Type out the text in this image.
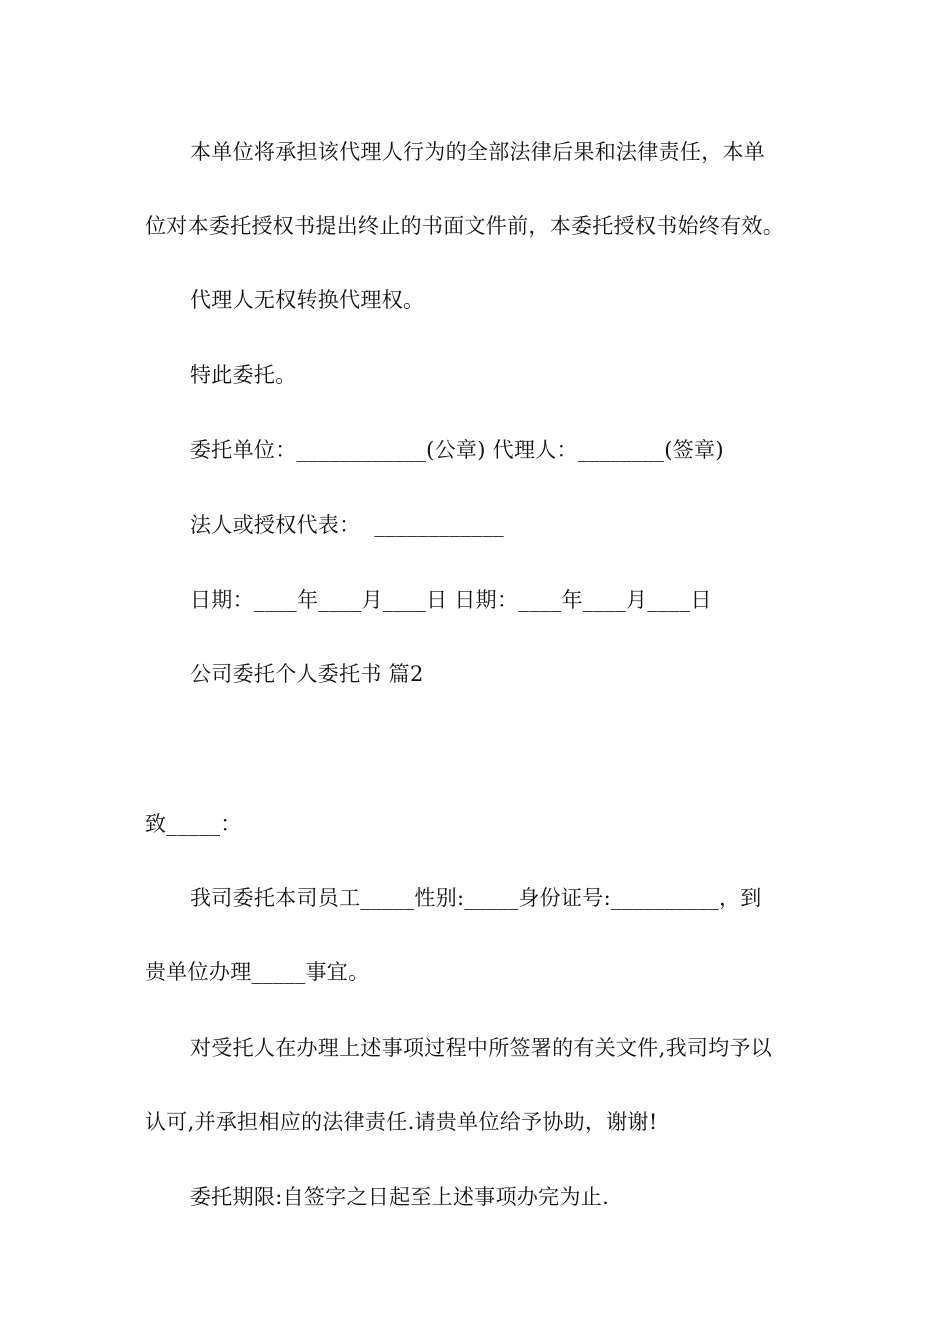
本单位将承担该代理人行为的全部法律后果和法律责任，本单
位对本委托授权书提出终止的书面文件前，本委托授权书始终有效。
代理人无权转换代理权。
特此委托。
委托单位：____________(公章) 代理人：________(签章)
法人或授权代表：  ____________
日期：____年____月____日 日期：____年____月____日
公司委托个人委托书 篇2
致_____：
我司委托本司员工_____性别:_____身份证号:__________，到
贵单位办理_____事宜。
对受托人在办理上述事项过程中所签署的有关文件,我司均予以
认可,并承担相应的法律责任.请贵单位给予协助，谢谢!
委托期限:自签字之日起至上述事项办完为止.
